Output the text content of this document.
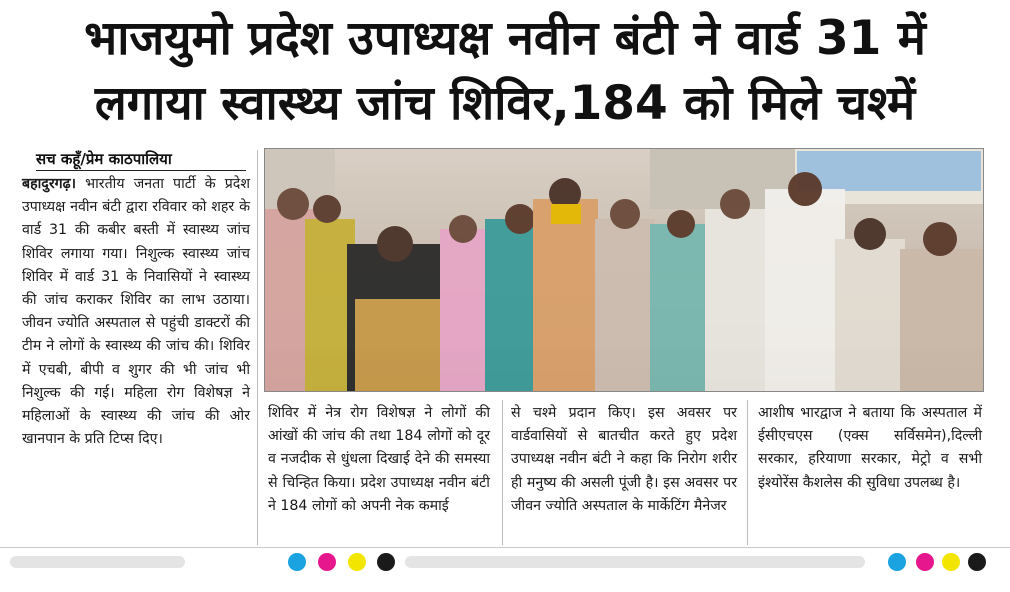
भाजयुमो प्रदेश उपाध्यक्ष नवीन बंटी ने वार्ड 31 में
लगाया स्वास्थ्य जांच शिविर,184 को मिले चश्में
सच कहूँ/प्रेम काठपालिया
बहादुरगढ़। भारतीय जनता पार्टी के प्रदेश उपाध्यक्ष नवीन बंटी द्वारा रविवार को शहर के वार्ड 31 की कबीर बस्ती में स्वास्थ्य जांच शिविर लगाया गया। निशुल्क स्वास्थ्य जांच शिविर में वार्ड 31 के निवासियों ने स्वास्थ्य की जांच कराकर शिविर का लाभ उठाया। जीवन ज्योति अस्पताल से पहुंची डाक्टरों की टीम ने लोगों के स्वास्थ्य की जांच की। शिविर में एचबी, बीपी व शुगर की भी जांच भी निशुल्क की गई। महिला रोग विशेषज्ञ ने महिलाओं के स्वास्थ्य की जांच की ओर खानपान के प्रति टिप्स दिए।
शिविर में नेत्र रोग विशेषज्ञ ने लोगों की आंखों की जांच की तथा 184 लोगों को दूर व नजदीक से धुंधला दिखाई देने की समस्या से चिन्हित किया। प्रदेश उपाध्यक्ष नवीन बंटी ने 184 लोगों को अपनी नेक कमाई
से चश्मे प्रदान किए। इस अवसर पर वार्डवासियों से बातचीत करते हुए प्रदेश उपाध्यक्ष नवीन बंटी ने कहा कि निरोग शरीर ही मनुष्य की असली पूंजी है। इस अवसर पर जीवन ज्योति अस्पताल के मार्केटिंग मैनेजर
आशीष भारद्वाज ने बताया कि अस्पताल में ईसीएचएस (एक्स सर्विसमेन),दिल्ली सरकार, हरियाणा सरकार, मेट्रो व सभी इंश्योरेंस कैशलेस की सुविधा उपलब्ध है।
